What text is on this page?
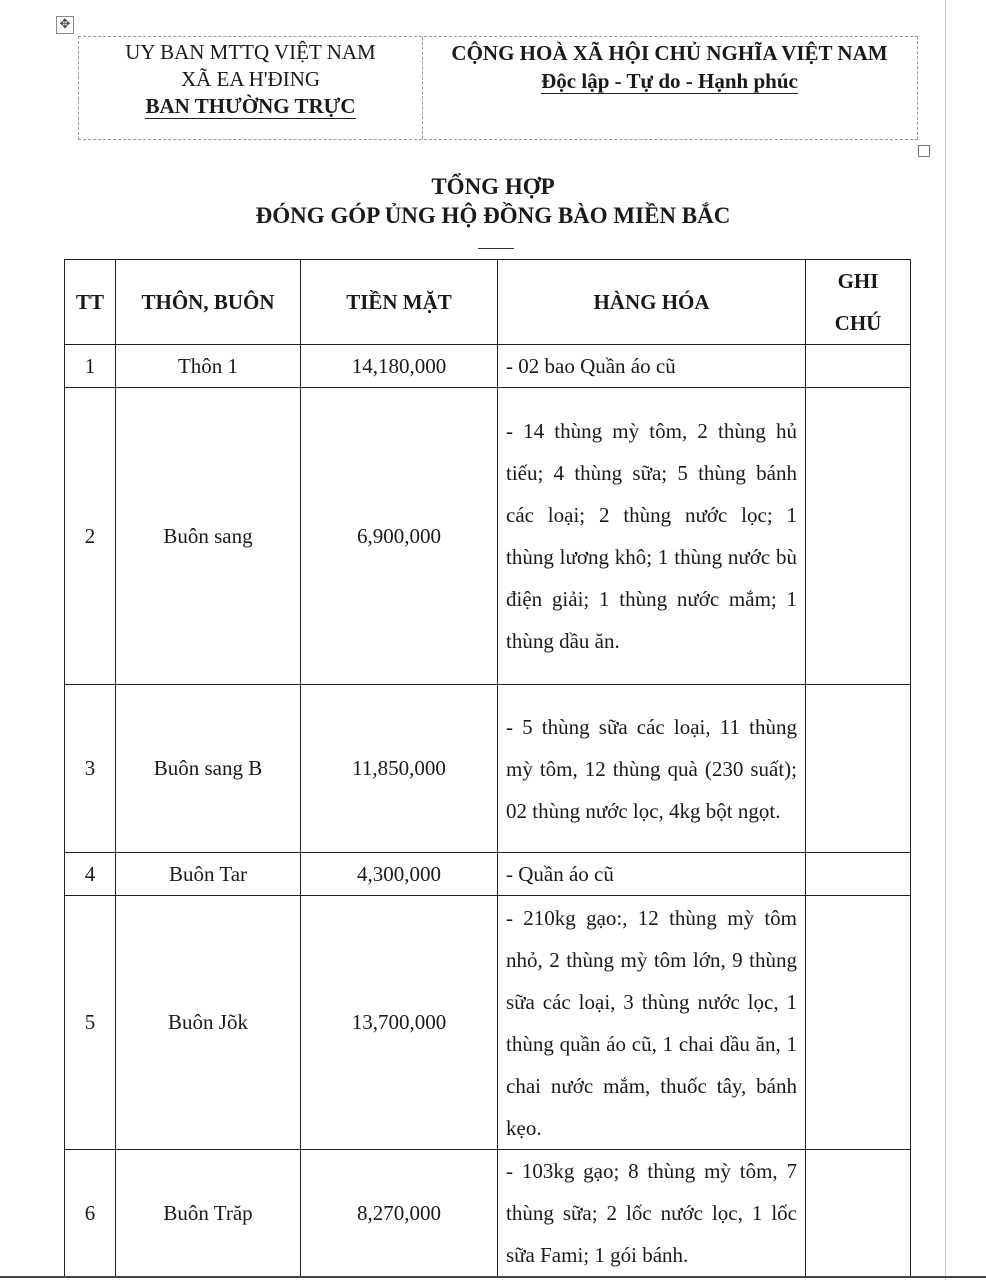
✥
UY BAN MTTQ VIỆT NAM
XÃ EA H'ĐING
BAN THƯỜNG TRỰC
CỘNG HOÀ XÃ HỘI CHỦ NGHĨA VIỆT NAM
Độc lập - Tự do - Hạnh phúc
TỔNG HỢP
ĐÓNG GÓP ỦNG HỘ ĐỒNG BÀO MIỀN BẮC
TT	THÔN, BUÔN	TIỀN MẶT	HÀNG HÓA	GHI
CHÚ
1	Thôn 1	14,180,000	- 02 bao Quần áo cũ	
2	Buôn sang	6,900,000	- 14 thùng mỳ tôm, 2 thùng hủ tiếu; 4 thùng sữa; 5 thùng bánh các loại; 2 thùng nước lọc; 1 thùng lương khô; 1 thùng nước bù điện giải; 1 thùng nước mắm; 1 thùng dầu ăn.	
3	Buôn sang B	11,850,000	- 5 thùng sữa các loại, 11 thùng mỳ tôm, 12 thùng quà (230 suất); 02 thùng nước lọc, 4kg bột ngọt.	
4	Buôn Tar	4,300,000	- Quần áo cũ	
5	Buôn Jõk	13,700,000	- 210kg gạo:, 12 thùng mỳ tôm nhỏ, 2 thùng mỳ tôm lớn, 9 thùng sữa các loại, 3 thùng nước lọc, 1 thùng quần áo cũ, 1 chai dầu ăn, 1 chai nước mắm, thuốc tây, bánh kẹo.	
6	Buôn Trăp	8,270,000	- 103kg gạo; 8 thùng mỳ tôm, 7 thùng sữa; 2 lốc nước lọc, 1 lốc sữa Fami; 1 gói bánh.	
